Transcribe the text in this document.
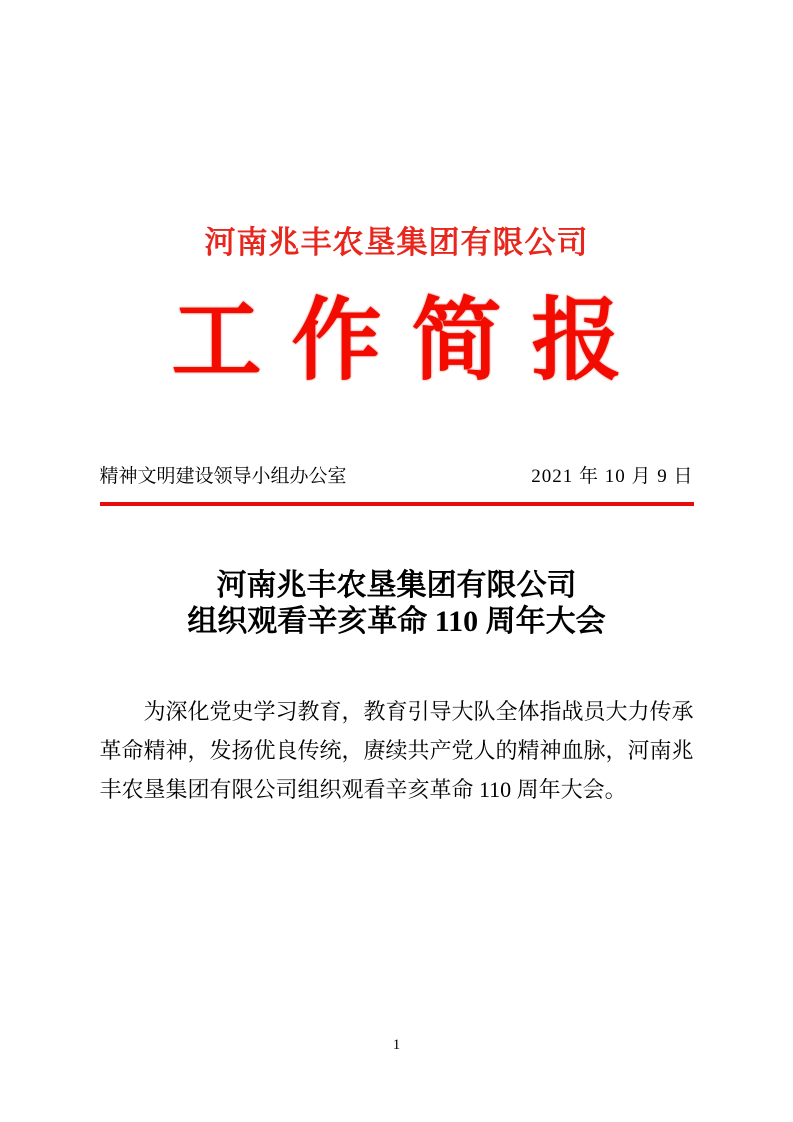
河南兆丰农垦集团有限公司
工作简报
精神文明建设领导小组办公室	2021 年 10 月 9 日
河南兆丰农垦集团有限公司
组织观看辛亥革命 110 周年大会

为深化党史学习教育，教育引导大队全体指战员大力传承革命精神，发扬优良传统，赓续共产党人的精神血脉，河南兆丰农垦集团有限公司组织观看辛亥革命 110 周年大会。

1
